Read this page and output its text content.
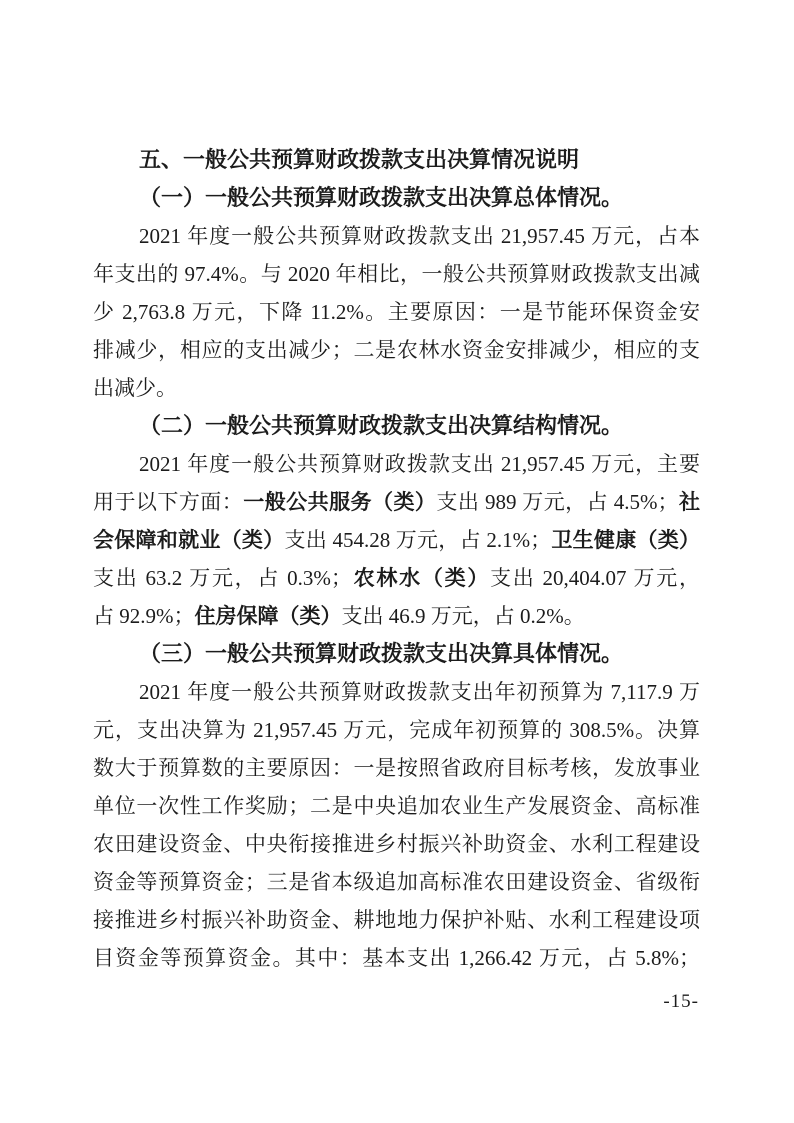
五、一般公共预算财政拨款支出决算情况说明
（一）一般公共预算财政拨款支出决算总体情况。
2021 年度一般公共预算财政拨款支出 21,957.45 万元，占本
年支出的 97.4%。与 2020 年相比，一般公共预算财政拨款支出减
少 2,763.8 万元，下降 11.2%。主要原因：一是节能环保资金安
排减少，相应的支出减少；二是农林水资金安排减少，相应的支
出减少。
（二）一般公共预算财政拨款支出决算结构情况。
2021 年度一般公共预算财政拨款支出 21,957.45 万元，主要
用于以下方面：一般公共服务（类）支出 989 万元，占 4.5%；社
会保障和就业（类）支出 454.28 万元，占 2.1%；卫生健康（类）
支出 63.2 万元，占 0.3%；农林水（类）支出 20,404.07 万元，
占 92.9%；住房保障（类）支出 46.9 万元，占 0.2%。
（三）一般公共预算财政拨款支出决算具体情况。
2021 年度一般公共预算财政拨款支出年初预算为 7,117.9 万
元，支出决算为 21,957.45 万元，完成年初预算的 308.5%。决算
数大于预算数的主要原因：一是按照省政府目标考核，发放事业
单位一次性工作奖励；二是中央追加农业生产发展资金、高标准
农田建设资金、中央衔接推进乡村振兴补助资金、水利工程建设
资金等预算资金；三是省本级追加高标准农田建设资金、省级衔
接推进乡村振兴补助资金、耕地地力保护补贴、水利工程建设项
目资金等预算资金。其中：基本支出 1,266.42 万元，占 5.8%；
-15-
